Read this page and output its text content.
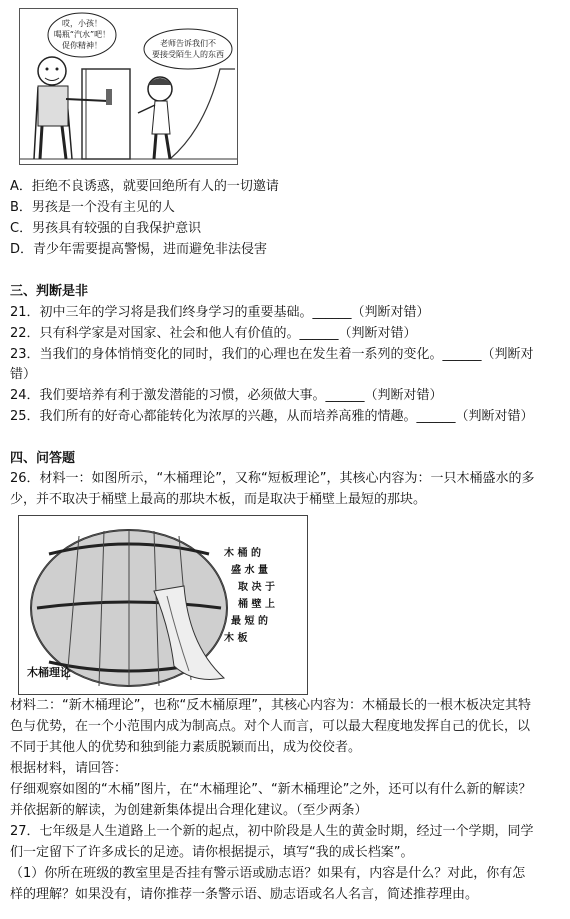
哎，小孩！
喝瓶“汽水”吧！
促你精神！	老师告诉我们不
要接受陌生人的东西
A．拒绝不良诱惑，就要回绝所有人的一切邀请
B．男孩是一个没有主见的人
C．男孩具有较强的自我保护意识
D．青少年需要提高警惕，进而避免非法侵害
三、判断是非
21．初中三年的学习将是我们终身学习的重要基础。______（判断对错）
22．只有科学家是对国家、社会和他人有价值的。______（判断对错）
23．当我们的身体悄悄变化的同时，我们的心理也在发生着一系列的变化。______（判断对
错）
24．我们要培养有利于激发潜能的习惯，必须做大事。______（判断对错）
25．我们所有的好奇心都能转化为浓厚的兴趣，从而培养高雅的情趣。______（判断对错）
四、问答题
26．材料一：如图所示，“木桶理论”，又称“短板理论”，其核心内容为：一只木桶盛水的多
少，并不取决于桶壁上最高的那块木板，而是取决于桶壁上最短的那块。
木桶理论
木 桶 的
盛 水 量
取 决 于
桶 壁 上
最 短 的
木 板
材料二：“新木桶理论”，也称“反木桶原理”，其核心内容为：木桶最长的一根木板决定其特
色与优势，在一个小范围内成为制高点。对个人而言，可以最大程度地发挥自己的优长，以
不同于其他人的优势和独到能力素质脱颖而出，成为佼佼者。
根据材料，请回答：
仔细观察如图的“木桶”图片，在“木桶理论”、“新木桶理论”之外，还可以有什么新的解读？
并依据新的解读，为创建新集体提出合理化建议。（至少两条）
27．七年级是人生道路上一个新的起点，初中阶段是人生的黄金时期，经过一个学期，同学
们一定留下了许多成长的足迹。请你根据提示，填写“我的成长档案”。
（1）你所在班级的教室里是否挂有警示语或励志语？如果有，内容是什么？对此，你有怎
样的理解？如果没有，请你推荐一条警示语、励志语或名人名言，简述推荐理由。
